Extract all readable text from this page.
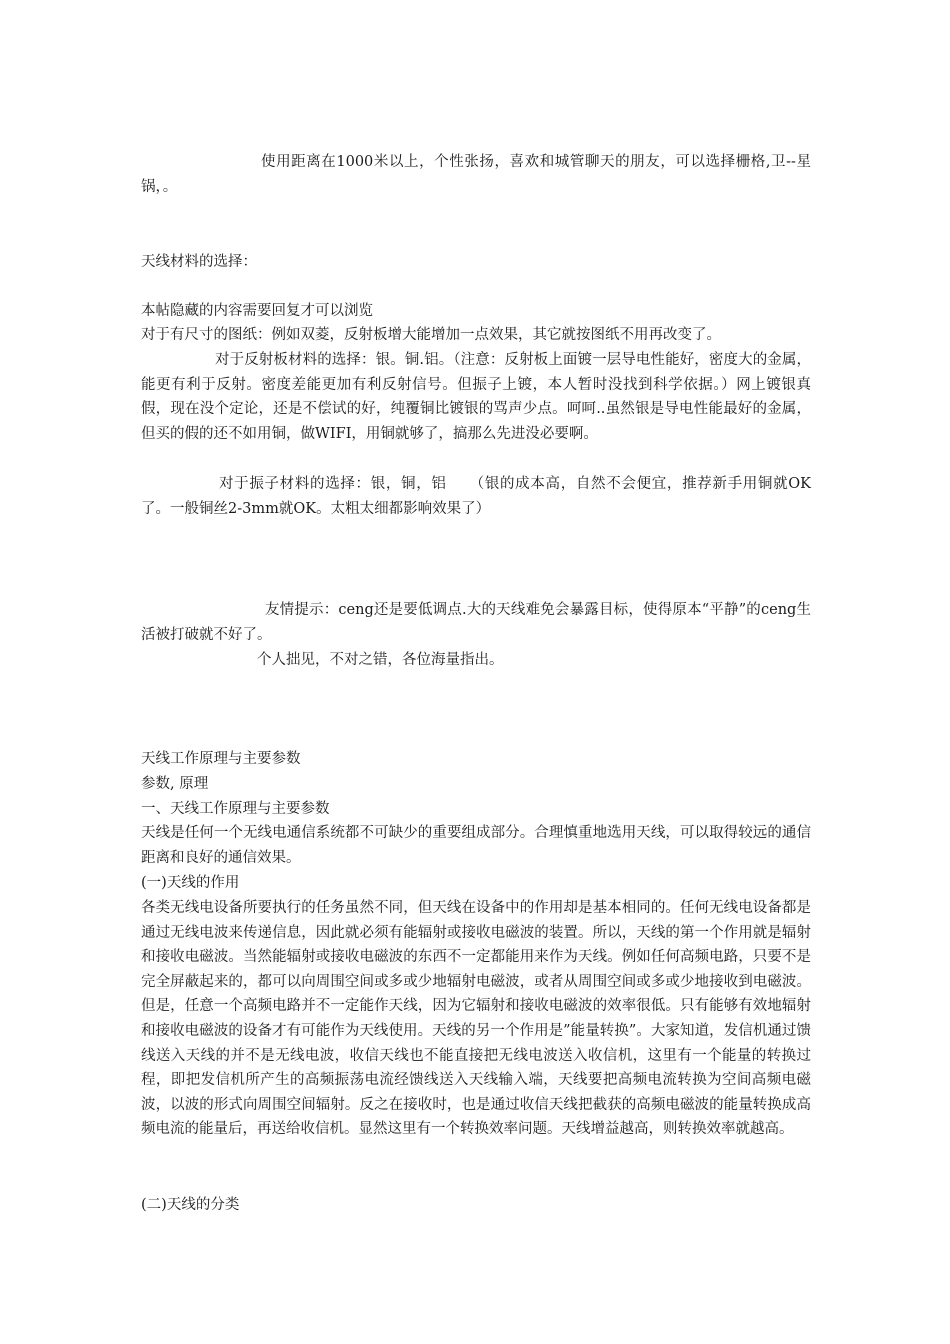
使用距离在1000米以上，个性张扬，喜欢和城管聊天的朋友，可以选择栅格,卫--星锅，。

天线材料的选择：

本帖隐藏的内容需要回复才可以浏览

对于有尺寸的图纸：例如双菱，反射板增大能增加一点效果，其它就按图纸不用再改变了。

对于反射板材料的选择：银。铜.铝。（注意：反射板上面镀一层导电性能好，密度大的金属，能更有利于反射。密度差能更加有利反射信号。但振子上镀，本人暂时没找到科学依据。）网上镀银真假，现在没个定论，还是不偿试的好，纯覆铜比镀银的骂声少点。呵呵..虽然银是导电性能最好的金属，但买的假的还不如用铜，做WIFI，用铜就够了，搞那么先进没必要啊。

对于振子材料的选择：银，铜，铝　　（银的成本高，自然不会便宜，推荐新手用铜就OK了。一般铜丝2-3mm就OK。太粗太细都影响效果了）

友情提示：ceng还是要低调点.大的天线难免会暴露目标，使得原本“平静”的ceng生活被打破就不好了。

个人拙见，不对之错，各位海量指出。

天线工作原理与主要参数

参数, 原理

一、天线工作原理与主要参数

天线是任何一个无线电通信系统都不可缺少的重要组成部分。合理慎重地选用天线，可以取得较远的通信距离和良好的通信效果。

(一)天线的作用

各类无线电设备所要执行的任务虽然不同，但天线在设备中的作用却是基本相同的。任何无线电设备都是通过无线电波来传递信息，因此就必须有能辐射或接收电磁波的装置。所以，天线的第一个作用就是辐射和接收电磁波。当然能辐射或接收电磁波的东西不一定都能用来作为天线。例如任何高频电路，只要不是完全屏蔽起来的，都可以向周围空间或多或少地辐射电磁波，或者从周围空间或多或少地接收到电磁波。但是，任意一个高频电路并不一定能作天线，因为它辐射和接收电磁波的效率很低。只有能够有效地辐射和接收电磁波的设备才有可能作为天线使用。天线的另一个作用是”能量转换”。大家知道，发信机通过馈线送入天线的并不是无线电波，收信天线也不能直接把无线电波送入收信机，这里有一个能量的转换过程，即把发信机所产生的高频振荡电流经馈线送入天线输入端，天线要把高频电流转换为空间高频电磁波，以波的形式向周围空间辐射。反之在接收时，也是通过收信天线把截获的高频电磁波的能量转换成高频电流的能量后，再送给收信机。显然这里有一个转换效率问题。天线增益越高，则转换效率就越高。

(二)天线的分类
